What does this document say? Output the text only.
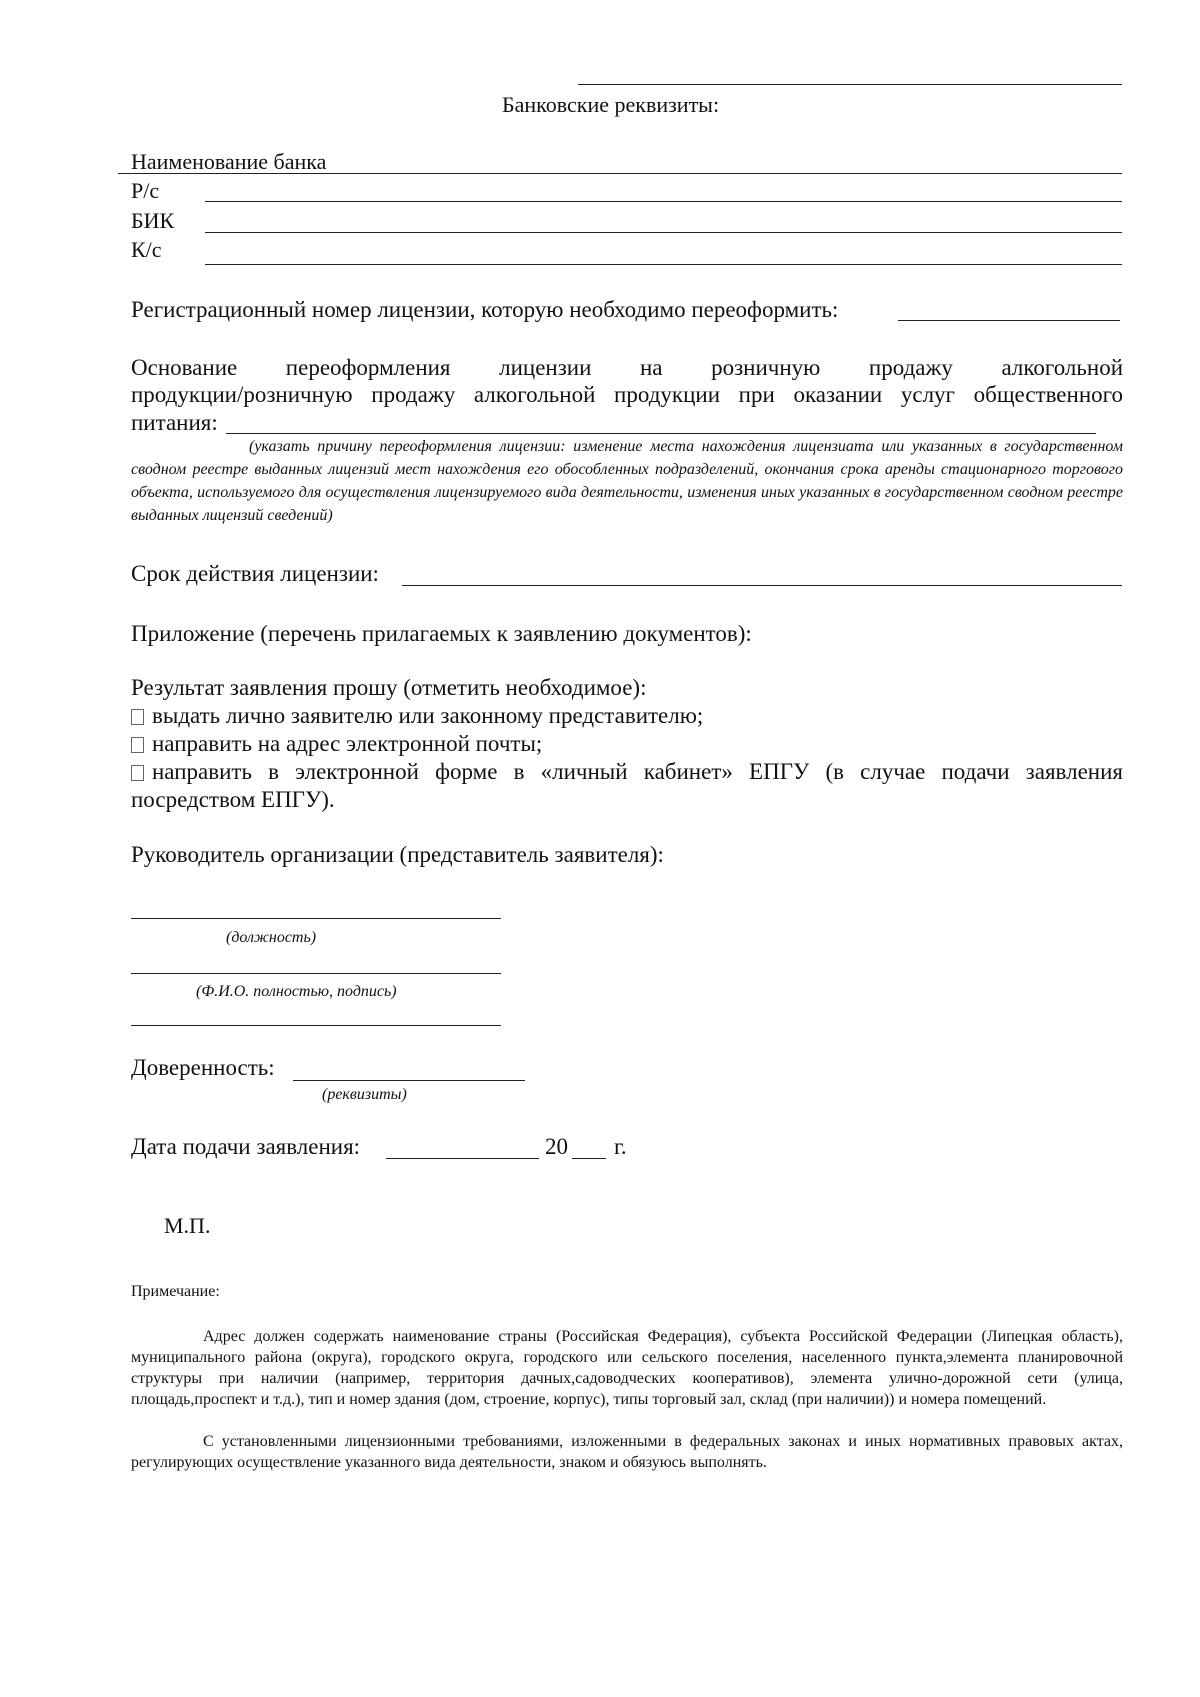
Банковские реквизиты:
Наименование банка
Р/с
БИК
К/с
Регистрационный номер лицензии, которую необходимо переоформить:
Основание переоформления лицензии на розничную продажу алкогольной
продукции/розничную продажу алкогольной продукции при оказании услуг общественного
питания:
(указать причину переоформления лицензии: изменение места нахождения лицензиата или указанных в государственном сводном реестре выданных лицензий мест нахождения его обособленных подразделений, окончания срока аренды стационарного торгового объекта, используемого для осуществления лицензируемого вида деятельности, изменения иных указанных в государственном сводном реестре выданных лицензий сведений)
Срок действия лицензии:
Приложение (перечень прилагаемых к заявлению документов):
Результат заявления прошу (отметить необходимое):
выдать лично заявителю или законному представителю;
направить на адрес электронной почты;
направить в электронной форме в «личный кабинет» ЕПГУ (в случае подачи заявления
посредством ЕПГУ).
Руководитель организации (представитель заявителя):
(должность)
(Ф.И.О. полностью, подпись)
Доверенность:
(реквизиты)
Дата подачи заявления:	20 г.
М.П.
Примечание:
Адрес должен содержать наименование страны (Российская Федерация), субъекта Российской Федерации (Липецкая область), муниципального района (округа), городского округа, городского или сельского поселения, населенного пункта,элемента планировочной структуры при наличии (например, территория дачных,садоводческих кооперативов), элемента улично-дорожной сети (улица, площадь,проспект и т.д.), тип и номер здания (дом, строение, корпус), типы торговый зал, склад (при наличии)) и номера помещений.
С установленными лицензионными требованиями, изложенными в федеральных законах и иных нормативных правовых актах, регулирующих осуществление указанного вида деятельности, знаком и обязуюсь выполнять.
